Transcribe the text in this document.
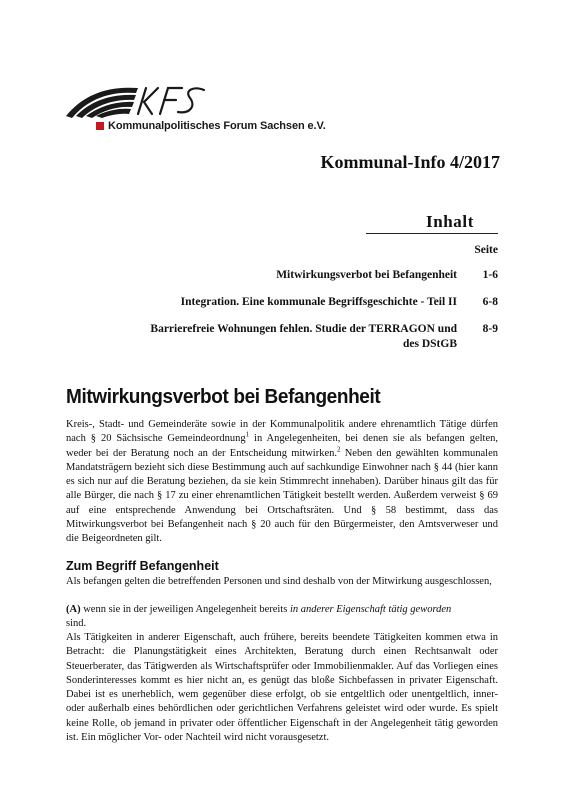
Kommunalpolitisches Forum Sachsen e.V.
Kommunal-Info 4/2017
Inhalt
Seite
Mitwirkungsverbot bei Befangenheit 1-6
Integration. Eine kommunale Begriffsgeschichte - Teil II 6-8
Barrierefreie Wohnungen fehlen. Studie der TERRAGON und
des DStGB
8-9
Mitwirkungsverbot bei Befangenheit
Kreis-, Stadt- und Gemeinderäte sowie in der Kommunalpolitik andere ehrenamtlich Tätige dürfen nach § 20 Sächsische Gemeindeordnung$^1$ in Angelegenheiten, bei denen sie als befangen gelten, weder bei der Beratung noch an der Entscheidung mitwirken.$^2$ Neben den gewählten kommunalen Mandatsträgern bezieht sich diese Bestimmung auch auf sachkundige Einwohner nach § 44 (hier kann es sich nur auf die Beratung beziehen, da sie kein Stimmrecht innehaben). Darüber hinaus gilt das für alle Bürger, die nach § 17 zu einer ehrenamtlichen Tätigkeit bestellt werden. Außerdem verweist § 69 auf eine entsprechende Anwendung bei Ortschaftsräten. Und § 58 bestimmt, dass das Mitwirkungsverbot bei Befangenheit nach § 20 auch für den Bürgermeister, den Amtsverweser und die Beigeordneten gilt.
Zum Begriff Befangenheit
Als befangen gelten die betreffenden Personen und sind deshalb von der Mitwirkung ausgeschlossen,
(A) wenn sie in der jeweiligen Angelegenheit bereits in anderer Eigenschaft tätig geworden
sind.
Als Tätigkeiten in anderer Eigenschaft, auch frühere, bereits beendete Tätigkeiten kommen etwa in Betracht: die Planungstätigkeit eines Architekten, Beratung durch einen Rechtsanwalt oder Steuerberater, das Tätigwerden als Wirtschaftsprüfer oder Immobilienmakler. Auf das Vorliegen eines Sonderinteresses kommt es hier nicht an, es genügt das bloße Sichbefassen in privater Eigenschaft. Dabei ist es unerheblich, wem gegenüber diese erfolgt, ob sie entgeltlich oder unentgeltlich, inner- oder außerhalb eines behördlichen oder gerichtlichen Verfahrens geleistet wird oder wurde. Es spielt keine Rolle, ob jemand in privater oder öffentlicher Eigenschaft in der Angelegenheit tätig geworden ist. Ein möglicher Vor- oder Nachteil wird nicht vorausgesetzt.
